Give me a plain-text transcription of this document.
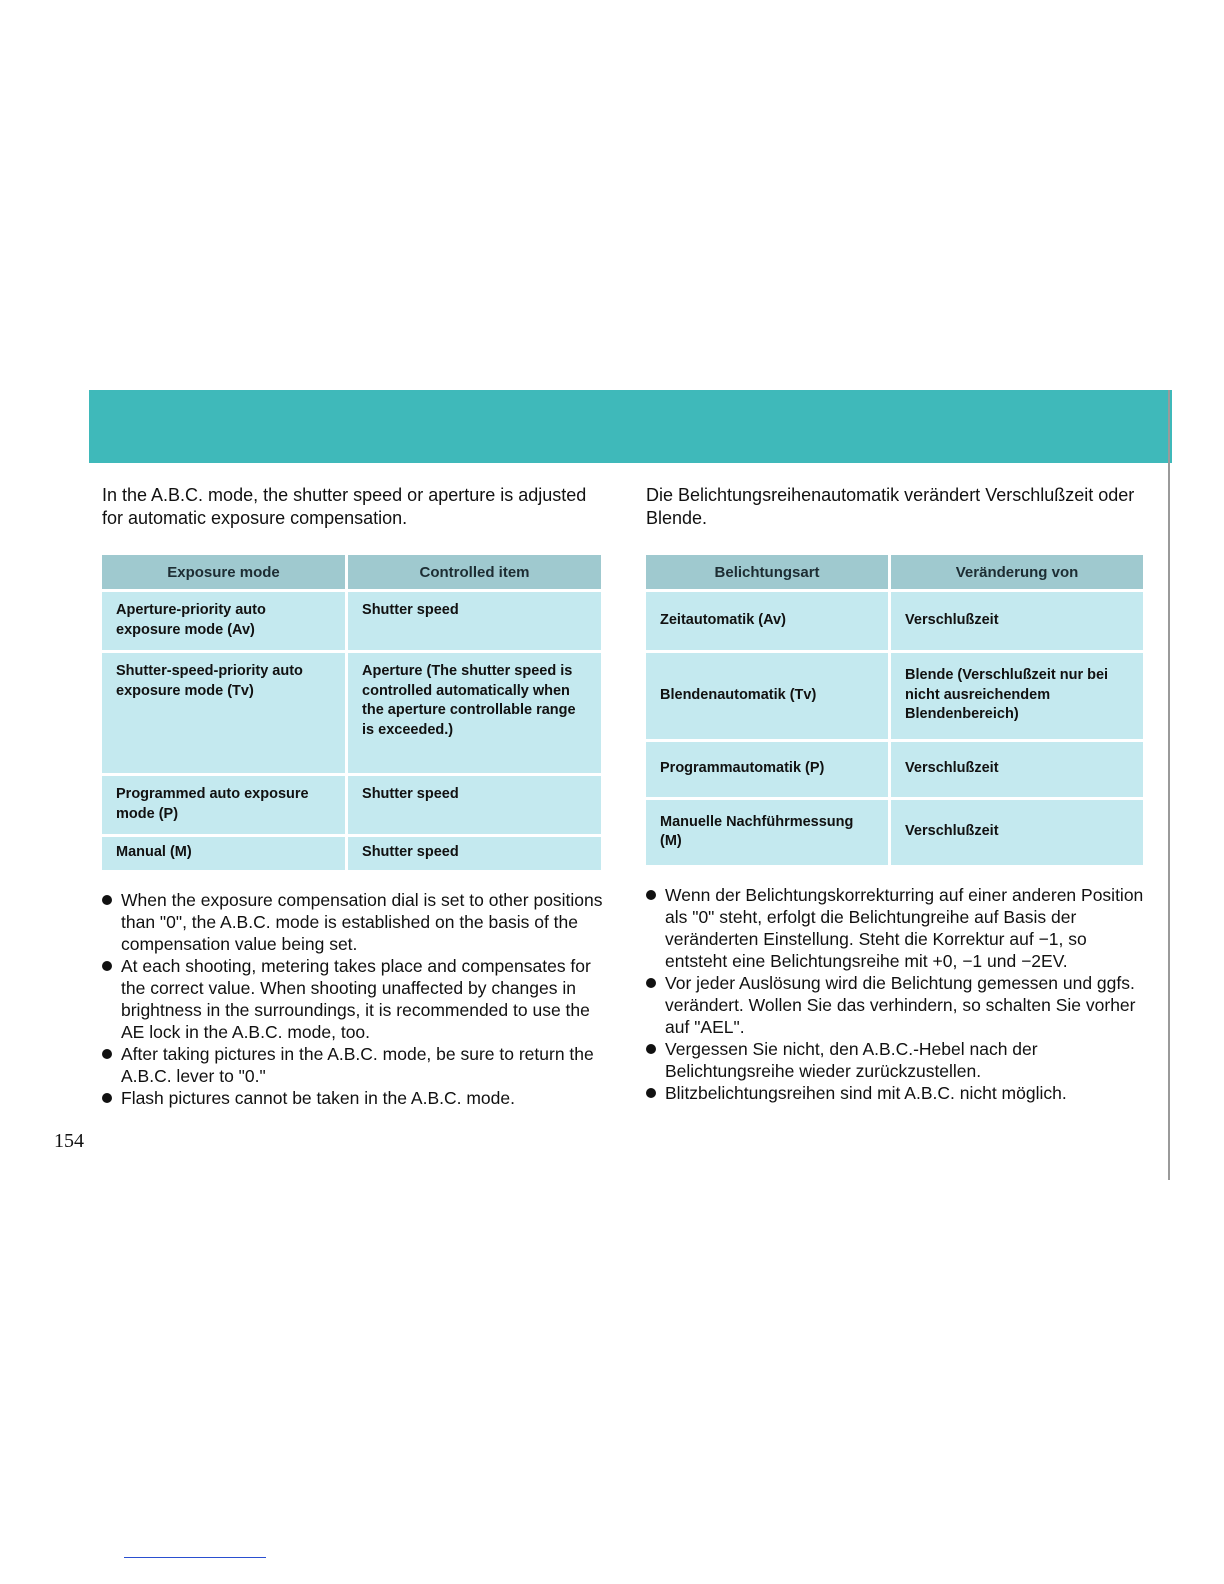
In the A.B.C. mode, the shutter speed or aperture is adjusted for automatic exposure compensation.

Exposure mode	Controlled item
Aperture-priority auto exposure mode (Av)	Shutter speed
Shutter-speed-priority auto exposure mode (Tv)	Aperture (The shutter speed is controlled automatically when the aperture controllable range is exceeded.)
Programmed auto exposure mode (P)	Shutter speed
Manual (M)	Shutter speed
When the exposure compensation dial is set to other positions than "0", the A.B.C. mode is established on the basis of the compensation value being set.
At each shooting, metering takes place and compensates for the correct value. When shooting unaffected by changes in brightness in the surroundings, it is recommended to use the AE lock in the A.B.C. mode, too.
After taking pictures in the A.B.C. mode, be sure to return the A.B.C. lever to "0."
Flash pictures cannot be taken in the A.B.C. mode.

Die Belichtungsreihenautomatik verändert Verschlußzeit oder Blende.

Belichtungsart	Veränderung von
Zeitautomatik (Av)	Verschlußzeit
Blendenautomatik (Tv)	Blende (Verschlußzeit nur bei nicht ausreichendem Blendenbereich)
Programmautomatik (P)	Verschlußzeit
Manuelle Nachführmessung (M)	Verschlußzeit
Wenn der Belichtungskorrekturring auf einer anderen Position als "0" steht, erfolgt die Belichtungreihe auf Basis der veränderten Einstellung. Steht die Korrektur auf −1, so entsteht eine Belichtungsreihe mit +0, −1 und −2EV.
Vor jeder Auslösung wird die Belichtung gemessen und ggfs. verändert. Wollen Sie das verhindern, so schalten Sie vorher auf "AEL".
Vergessen Sie nicht, den A.B.C.-Hebel nach der Belichtungsreihe wieder zurückzustellen.
Blitzbelichtungsreihen sind mit A.B.C. nicht möglich.
154
